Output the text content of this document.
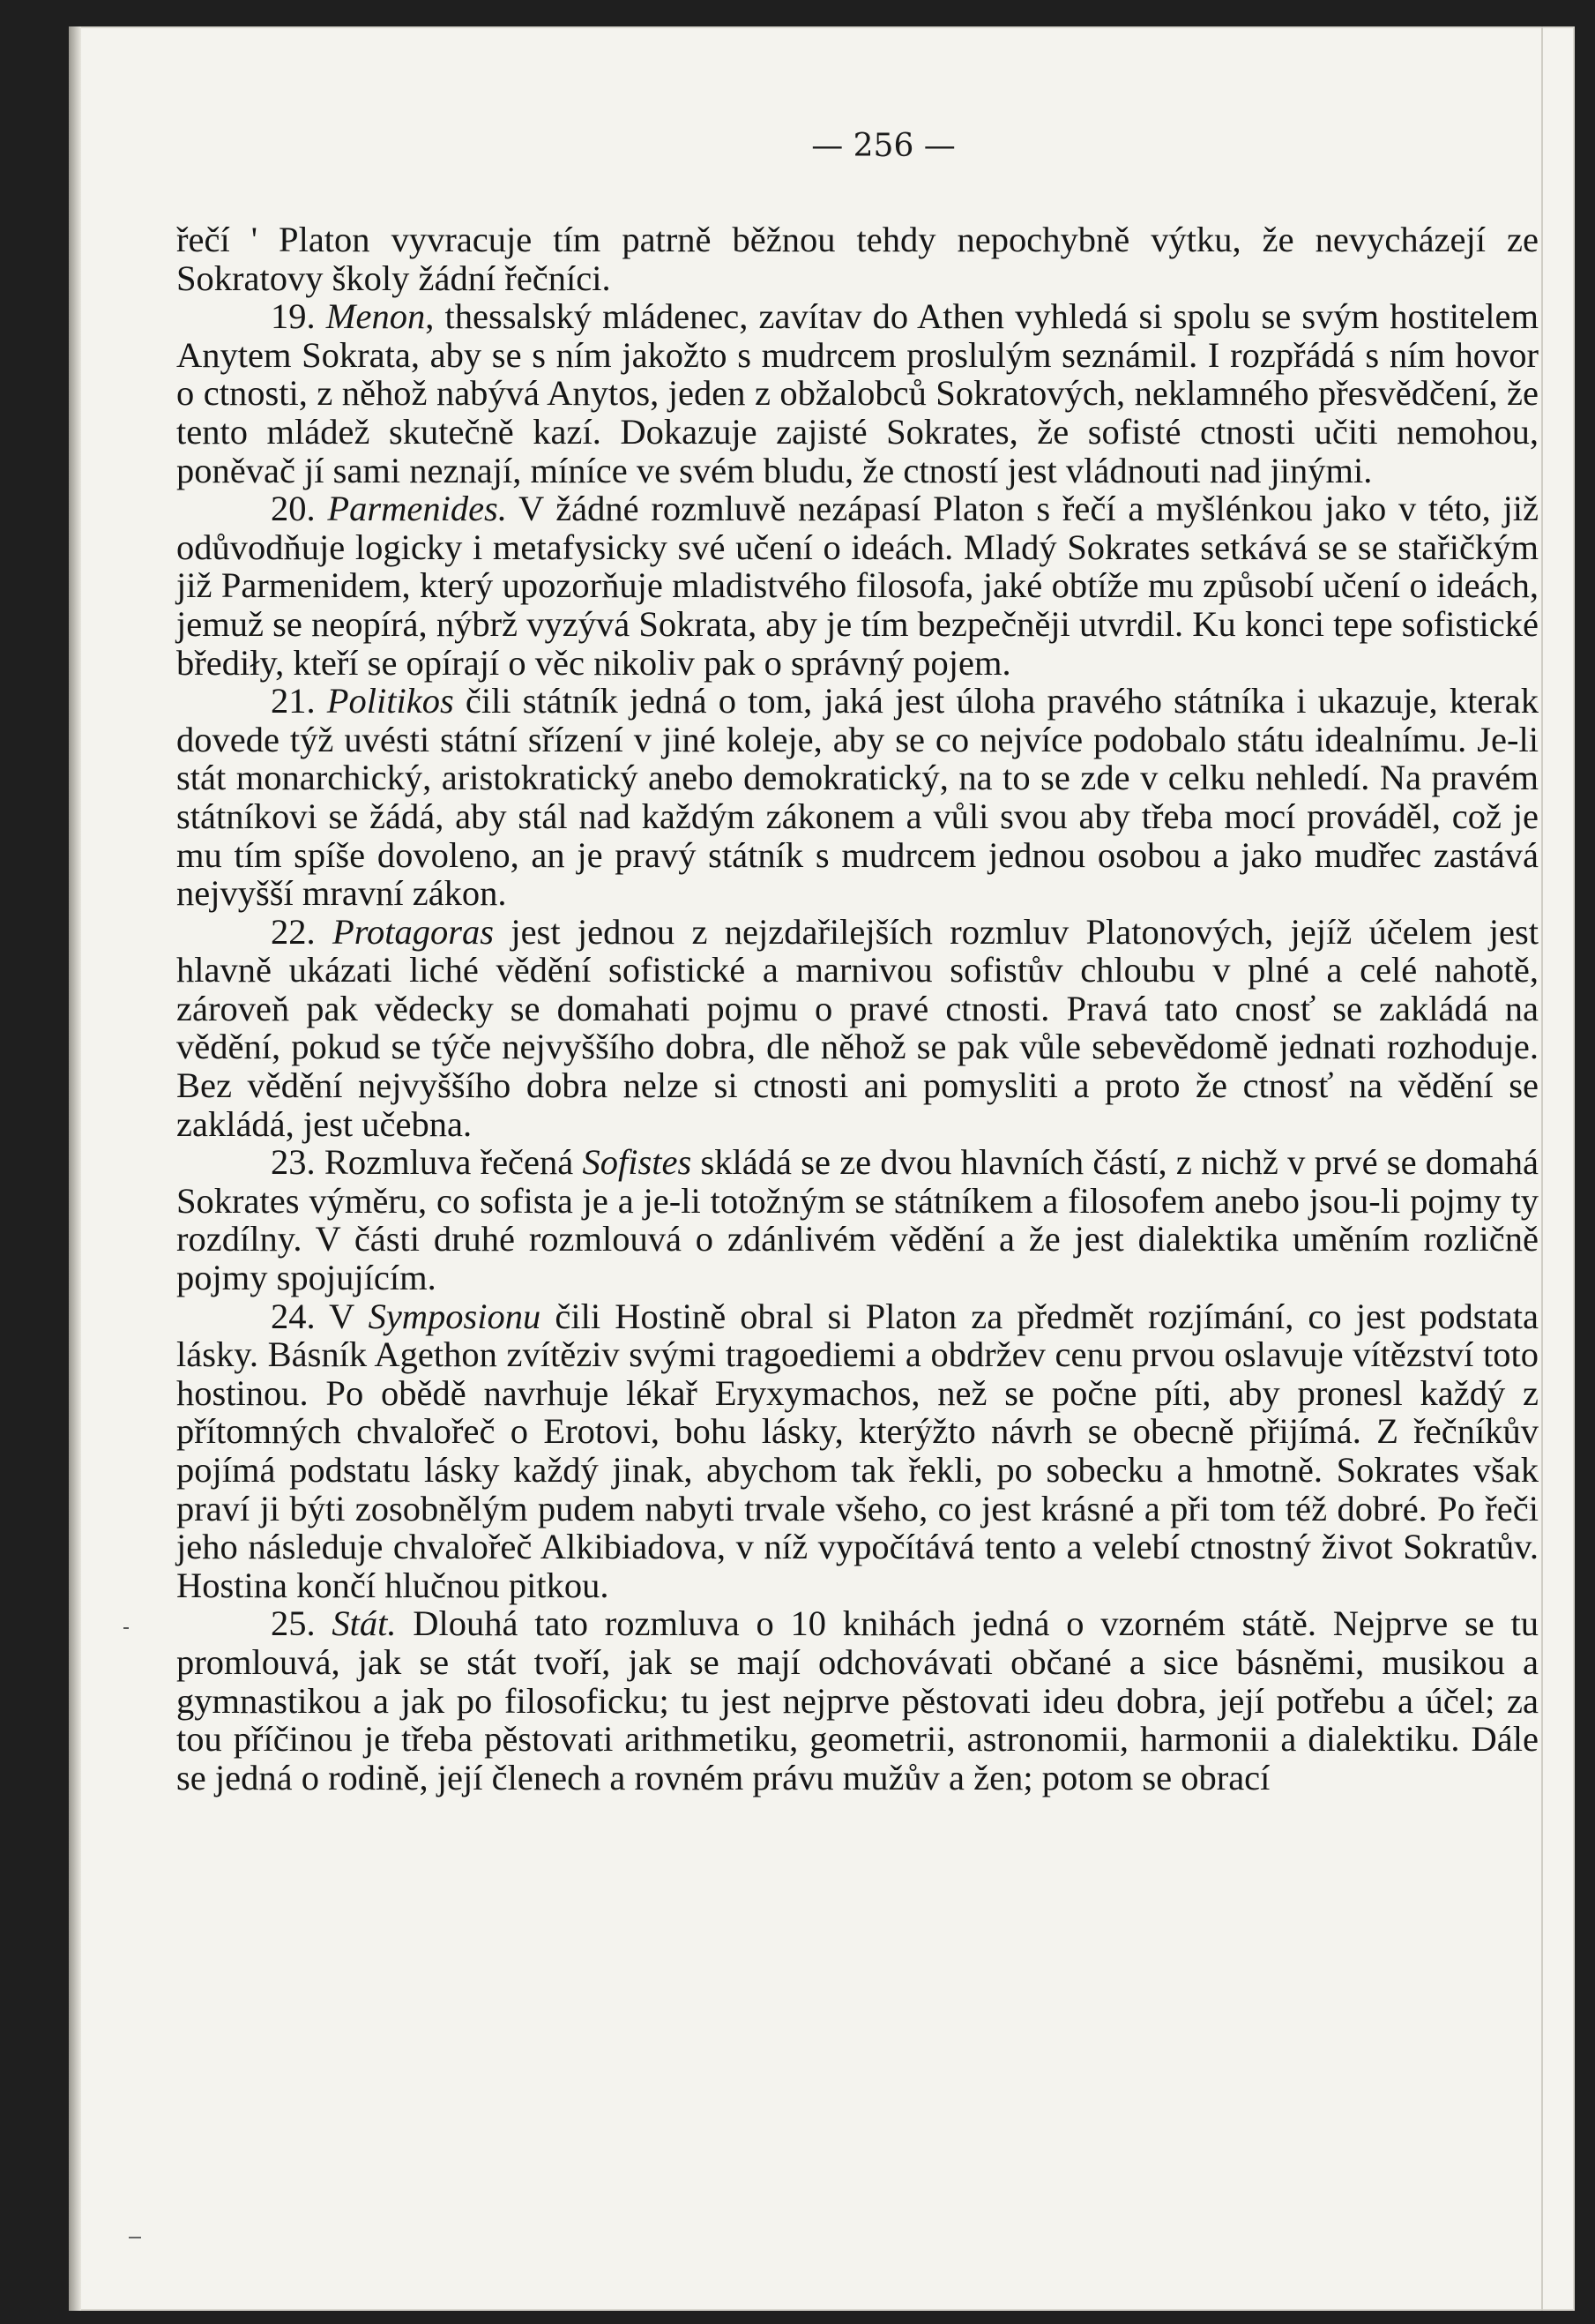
— 256 —

řečí ' Platon vyvracuje tím patrně běžnou tehdy nepochybně výtku, že nevycházejí ze Sokratovy školy žádní řečníci.

19. Menon, thessalský mládenec, zavítav do Athen vyhledá si spolu se svým hostitelem Anytem Sokrata, aby se s ním jakožto s mudrcem proslulým seznámil. I rozpřádá s ním hovor o ctnosti, z něhož nabývá Anytos, jeden z obžalobců Sokratových, neklamného přesvědčení, že tento mládež skutečně kazí. Dokazuje zajisté Sokrates, že sofisté ctnosti učiti nemohou, poněvač jí sami neznají, míníce ve svém bludu, že ctností jest vládnouti nad jinými.

20. Parmenides. V žádné rozmluvě nezápasí Platon s řečí a myšlénkou jako v této, již odůvodňuje logicky i metafysicky své učení o ideách. Mladý Sokrates setkává se se stařičkým již Parmenidem, který upozorňuje mladistvého filosofa, jaké obtíže mu způsobí učení o ideách, jemuž se neopírá, nýbrž vyzývá Sokrata, aby je tím bezpečněji utvrdil. Ku konci tepe sofistické břediły, kteří se opírají o věc nikoliv pak o správný pojem.

21. Politikos čili státník jedná o tom, jaká jest úloha pravého státníka i ukazuje, kterak dovede týž uvésti státní sřízení v jiné koleje, aby se co nejvíce podobalo státu idealnímu. Je-li stát monarchický, aristokratický anebo demokratický, na to se zde v celku nehledí. Na pravém státníkovi se žádá, aby stál nad každým zákonem a vůli svou aby třeba mocí prováděl, což je mu tím spíše dovoleno, an je pravý státník s mudrcem jednou osobou a jako mudřec zastává nejvyšší mravní zákon.

22. Protagoras jest jednou z nejzdařilejších rozmluv Platonových, jejíž účelem jest hlavně ukázati liché vědění sofistické a marnivou sofistův chloubu v plné a celé nahotě, zároveň pak vědecky se domahati pojmu o pravé ctnosti. Pravá tato cnosť se zakládá na vědění, pokud se týče nejvyššího dobra, dle něhož se pak vůle sebevědomě jednati rozhoduje. Bez vědění nejvyššího dobra nelze si ctnosti ani pomysliti a proto že ctnosť na vědění se zakládá, jest učebna.

23. Rozmluva řečená Sofistes skládá se ze dvou hlavních částí, z nichž v prvé se domahá Sokrates výměru, co sofista je a je-li totožným se státníkem a filosofem anebo jsou-li pojmy ty rozdílny. V části druhé rozmlouvá o zdánlivém vědění a že jest dialektika uměním rozličně pojmy spojujícím.

24. V Symposionu čili Hostině obral si Platon za předmět rozjímání, co jest podstata lásky. Básník Agethon zvítěziv svými tragoediemi a obdržev cenu prvou oslavuje vítězství toto hostinou. Po obědě navrhuje lékař Eryxymachos, než se počne píti, aby pronesl každý z přítomných chvalořeč o Erotovi, bohu lásky, kterýžto návrh se obecně přijímá. Z řečníkův pojímá podstatu lásky každý jinak, abychom tak řekli, po sobecku a hmotně. Sokrates však praví ji býti zosobnělým pudem nabyti trvale všeho, co jest krásné a při tom též dobré. Po řeči jeho následuje chvalořeč Alkibiadova, v níž vypočítává tento a velebí ctnostný život Sokratův. Hostina končí hlučnou pitkou.

25. Stát. Dlouhá tato rozmluva o 10 knihách jedná o vzorném státě. Nejprve se tu promlouvá, jak se stát tvoří, jak se mají odchovávati občané a sice básněmi, musikou a gymnastikou a jak po filosoficku; tu jest nejprve pěstovati ideu dobra, její potřebu a účel; za tou příčinou je třeba pěstovati arithmetiku, geometrii, astronomii, harmonii a dialektiku. Dále se jedná o rodině, její členech a rovném právu mužův a žen; potom se obrací
